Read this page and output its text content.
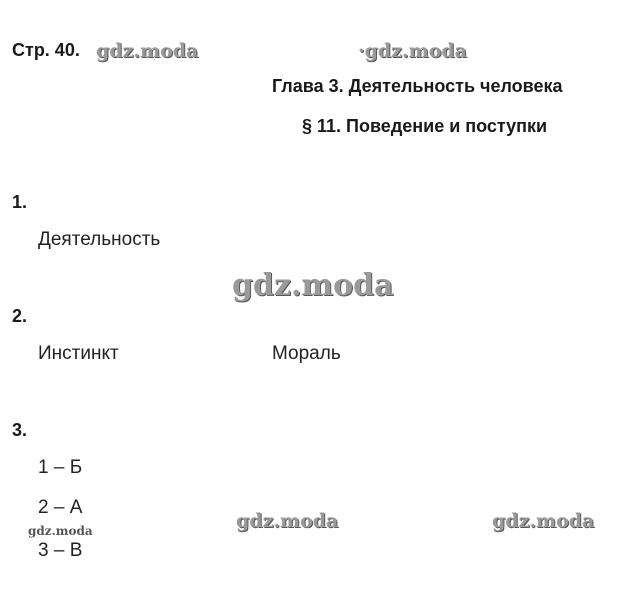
Стр. 40. gdz.moda	·gdz.moda
Глава 3. Деятельность человека
§ 11. Поведение и поступки
1.
Деятельность
gdz.moda
2.
Инстинкт	Мораль
3.
1 – Б
2 – А
gdz.moda
3 – В
gdz.moda	gdz.moda
